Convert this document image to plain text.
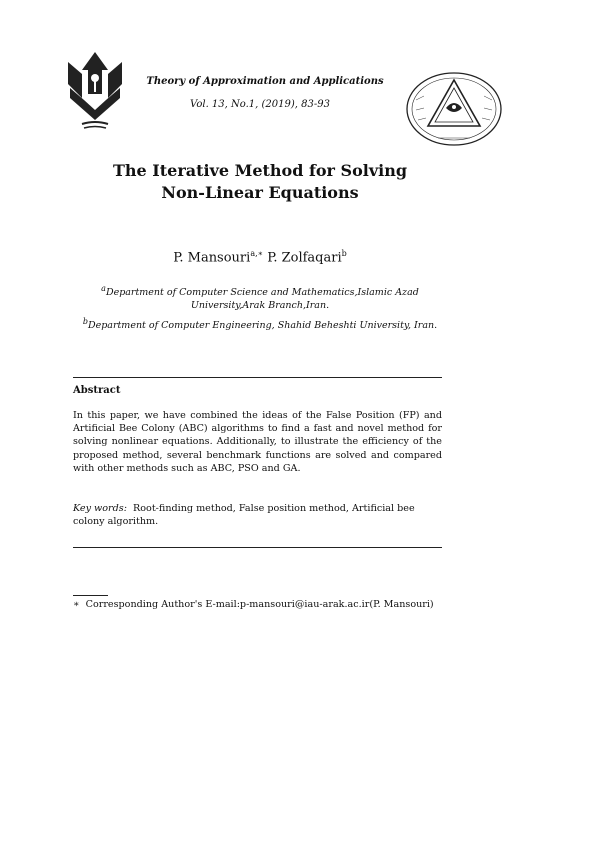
Theory of Approximation and Applications
Vol. 13, No.1, (2019), 83-93
The Iterative Method for Solving
Non-Linear Equations
P. Mansouri$^{a,∗}$ P. Zolfaqari$^b$
$^a$Department of Computer Science and Mathematics,Islamic Azad
University,Arak Branch,Iran.
$^b$Department of Computer Engineering, Shahid Beheshti University, Iran.
Abstract
In this paper, we have combined the ideas of the False Position (FP) and Artificial Bee Colony (ABC) algorithms to find a fast and novel method for solving nonlinear equations. Additionally, to illustrate the efficiency of the proposed method, several benchmark functions are solved and compared with other methods such as ABC, PSO and GA.
Key words: Root-finding method, False position method, Artificial bee colony algorithm.
∗ Corresponding Author's E-mail:p-mansouri@iau-arak.ac.ir(P. Mansouri)
